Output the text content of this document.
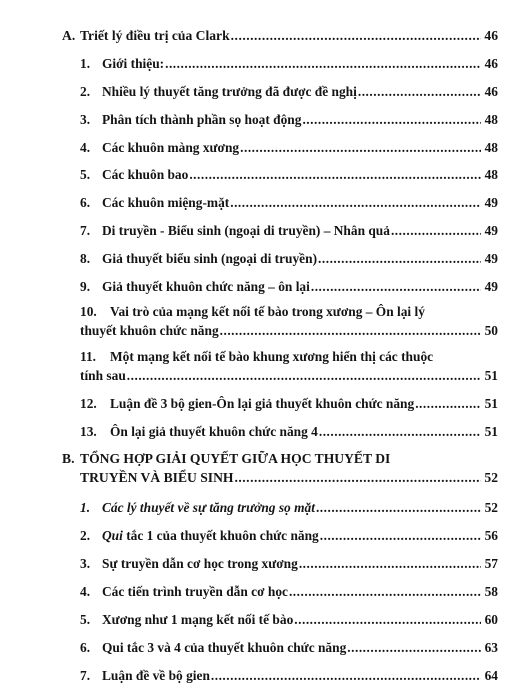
A. Triết lý điều trị của Clark .....	46
1. Giới thiệu: .....	46
2. Nhiều lý thuyết tăng trưởng đã được đề nghị .....	46
3. Phân tích thành phần sọ hoạt động .....	48
4. Các khuôn màng xương .....	48
5. Các khuôn bao .....	48
6. Các khuôn miệng-mặt .....	49
7. Di truyền - Biểu sinh (ngoại di truyền) – Nhân quả .....	49
8. Giả thuyết biểu sinh (ngoại di truyền) .....	49
9. Giả thuyết khuôn chức năng – ôn lại .....	49
10. Vai trò của mạng kết nối tế bào trong xương – Ôn lại lý
thuyết khuôn chức năng .....	50
11. Một mạng kết nối tế bào khung xương hiển thị các thuộc
tính sau .....	51
12. Luận đề 3 bộ gien-Ôn lại giả thuyết khuôn chức năng .....	51
13. Ôn lại giả thuyết khuôn chức năng 4 .....	51
B. TỔNG HỢP GIẢI QUYẾT GIỮA HỌC THUYẾT DI
TRUYỀN VÀ BIỂU SINH .....	52
1. Các lý thuyết về sự tăng trưởng sọ mặt .....	52
2. Qui tắc 1 của thuyết khuôn chức năng .....	56
3. Sự truyền dẫn cơ học trong xương .....	57
4. Các tiến trình truyền dẫn cơ học .....	58
5. Xương như 1 mạng kết nối tế bào .....	60
6. Qui tắc 3 và 4 của thuyết khuôn chức năng .....	63
7. Luận đề về bộ gien .....	64
